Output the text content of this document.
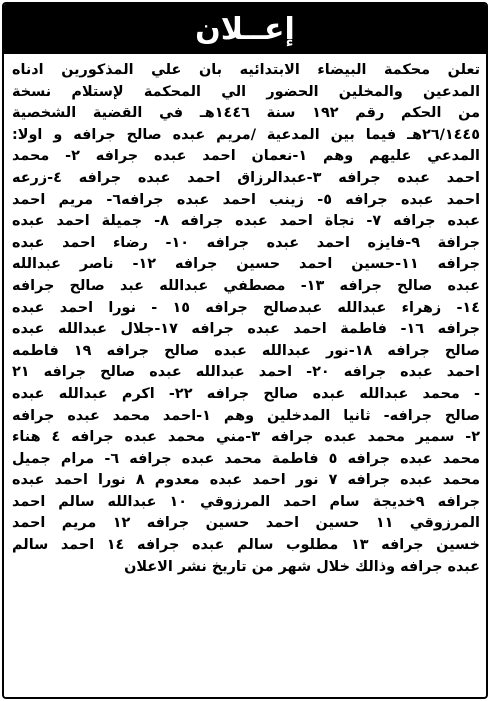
إعــلان
تعلن محكمة البيضاء الابتدائيه بان علي المذكورين ادناه
المدعين والمخلين الحضور الي المحكمة لإستلام نسخة
من الحكم رقم ١٩٢ سنة ١٤٤٦هـ في القضية الشخصية
٢٦/١٤٤٥هـ فيما بين المدعية /مريم عبده صالح جرافه و اولا:
المدعي عليهم وهم ١-نعمان احمد عبده جرافه ٢- محمد
احمد عبده جرافه ٣-عبدالرزاق احمد عبده جرافه ٤-زرعه
احمد عبده جرافه ٥- زينب احمد عبده جرافه٦- مريم احمد
عبده جرافه ٧- نجاة احمد عبده جرافه ٨- جميلة احمد عبده
جرافة ٩-فايزه احمد عبده جرافه ١٠- رضاء احمد عبده
جرافه ١١-حسين احمد حسين جرافه ١٢- ناصر عبدالله
عبده صالح جرافه ١٣- مصطفي عبدالله عبد صالح جرافه
١٤- زهراء عبدالله عبدصالح جرافه ١٥ - نورا احمد عبده
جرافه ١٦- فاطمة احمد عبده جرافه ١٧-جلال عبدالله عبده
صالح جرافه ١٨-نور عبدالله عبده صالح جرافه ١٩ فاطمه
احمد عبده جرافه ٢٠- احمد عبدالله عبده صالح جرافه ٢١
- محمد عبدالله عبده صالح جرافه ٢٢- اكرم عبدالله عبده
صالح جرافه- ثانيا المدخلين وهم ١-احمد محمد عبده جرافه
٢- سمير محمد عبده جرافه ٣-مني محمد عبده جرافه ٤ هناء
محمد عبده جرافه ٥ فاطمة محمد عبده جرافه ٦- مرام جميل
محمد عبده جرافه ٧ نور احمد عبده معدوم ٨ نورا احمد عبده
جرافه ٩خديجة سام احمد المرزوقي ١٠ عبدالله سالم احمد
المرزوقي ١١ حسين احمد حسين جرافه ١٢ مريم احمد
خسين جرافه ١٣ مطلوب سالم عبده جرافه ١٤ احمد سالم
عبده جرافه وذالك خلال شهر من تاريخ نشر الاعلان
